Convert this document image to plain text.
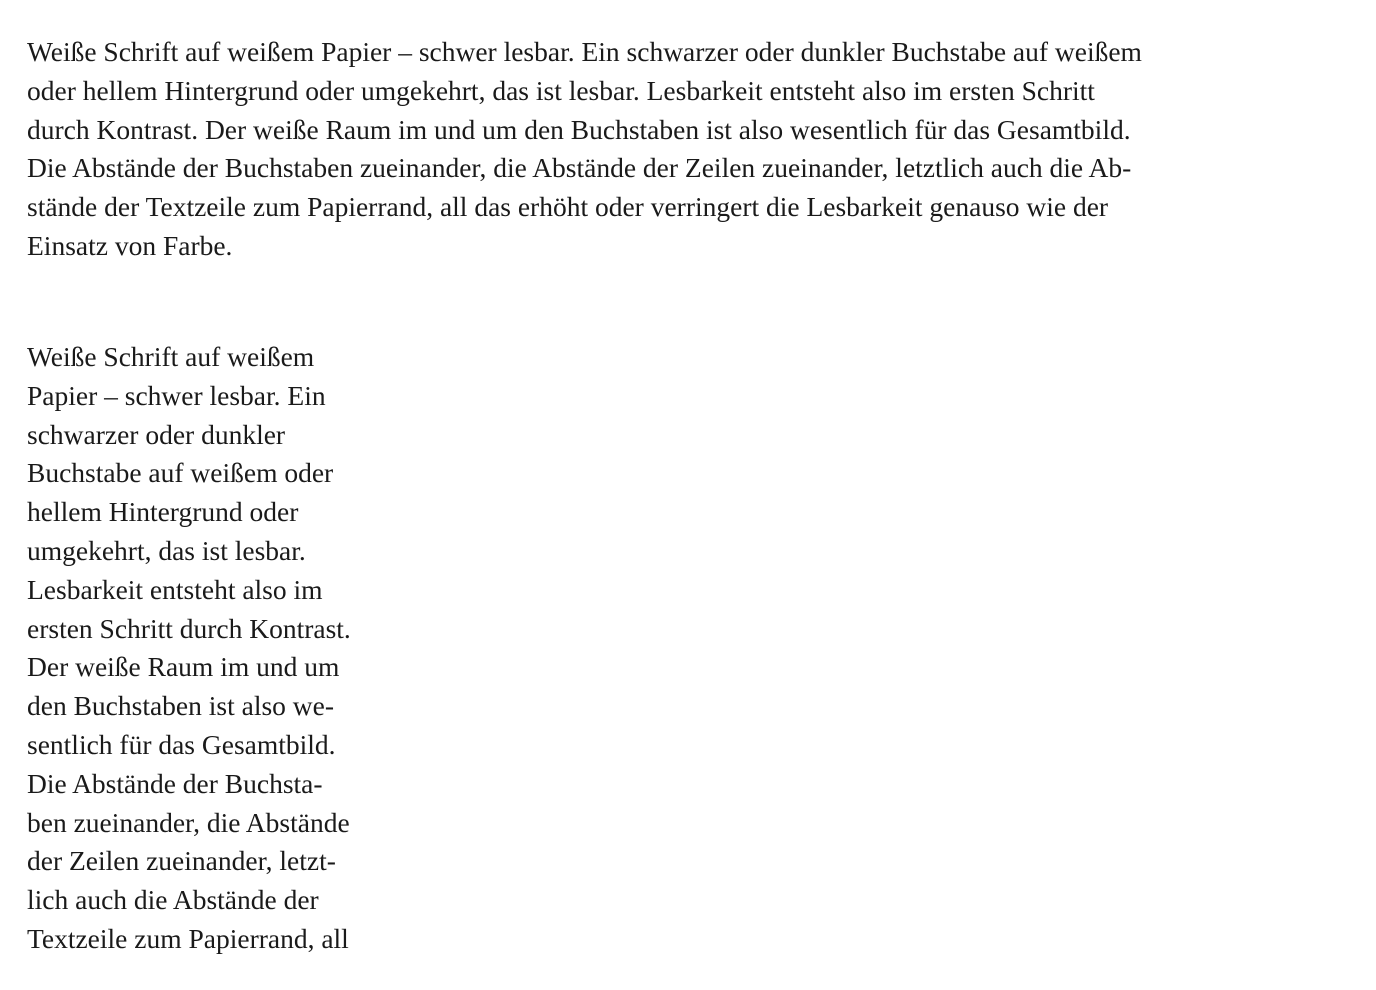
Weiße Schrift auf weißem Papier – schwer lesbar. Ein schwarzer oder dunkler Buchstabe auf weißem
oder hellem Hintergrund oder umgekehrt, das ist lesbar. Lesbarkeit entsteht also im ersten Schritt
durch Kontrast. Der weiße Raum im und um den Buchstaben ist also wesentlich für das Gesamtbild.
Die Abstände der Buchstaben zueinander, die Abstände der Zeilen zueinander, letztlich auch die Ab-
stände der Textzeile zum Papierrand, all das erhöht oder verringert die Lesbarkeit genauso wie der
Einsatz von Farbe.
Weiße Schrift auf weißem
Papier – schwer lesbar. Ein
schwarzer oder dunkler
Buchstabe auf weißem oder
hellem Hintergrund oder
umgekehrt, das ist lesbar.
Lesbarkeit entsteht also im
ersten Schritt durch Kontrast.
Der weiße Raum im und um
den Buchstaben ist also we-
sentlich für das Gesamtbild.
Die Abstände der Buchsta-
ben zueinander, die Abstände
der Zeilen zueinander, letzt-
lich auch die Abstände der
Textzeile zum Papierrand, all
